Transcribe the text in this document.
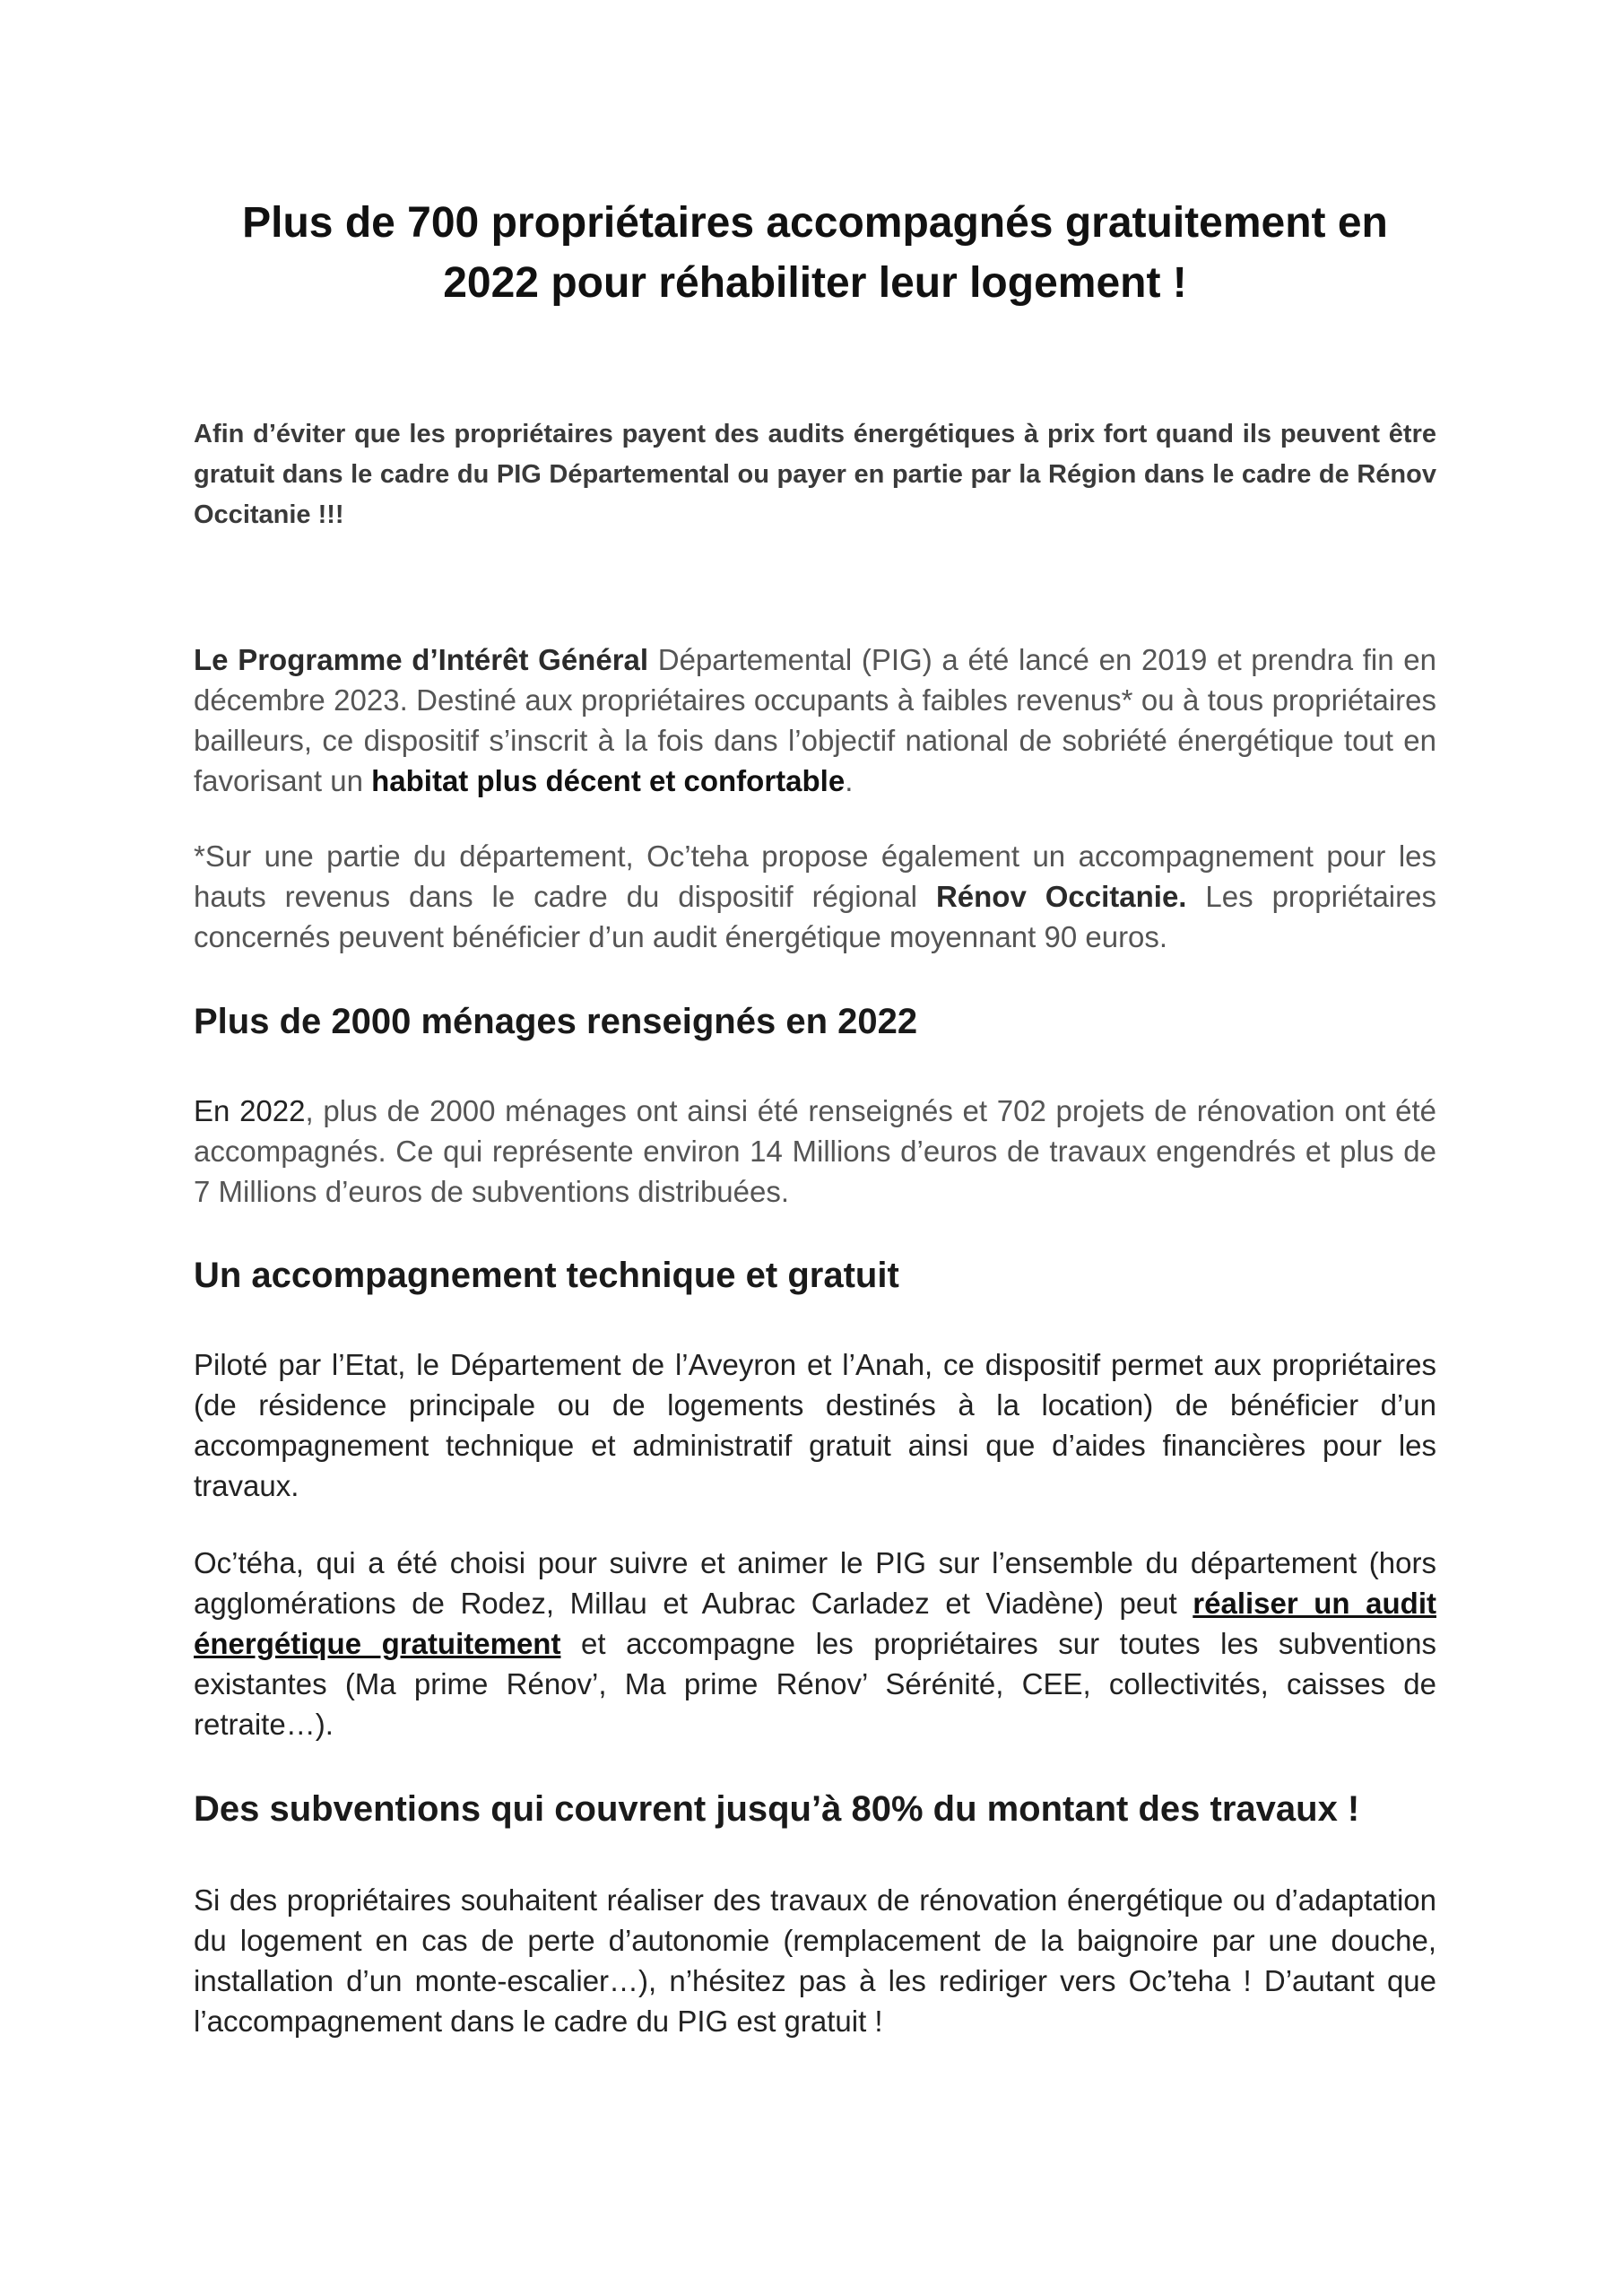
Plus de 700 propriétaires accompagnés gratuitement en 2022 pour réhabiliter leur logement !
Afin d’éviter que les propriétaires payent des audits énergétiques à prix fort quand ils peuvent être gratuit dans le cadre du PIG Départemental ou payer en partie par la Région dans le cadre de Rénov Occitanie !!!
Le Programme d’Intérêt Général Départemental (PIG) a été lancé en 2019 et prendra fin en décembre 2023. Destiné aux propriétaires occupants à faibles revenus* ou à tous propriétaires bailleurs, ce dispositif s’inscrit à la fois dans l’objectif national de sobriété énergétique tout en favorisant un habitat plus décent et confortable.
*Sur une partie du département, Oc’teha propose également un accompagnement pour les hauts revenus dans le cadre du dispositif régional Rénov Occitanie. Les propriétaires concernés peuvent bénéficier d’un audit énergétique moyennant 90 euros.
Plus de 2000 ménages renseignés en 2022
En 2022, plus de 2000 ménages ont ainsi été renseignés et 702 projets de rénovation ont été accompagnés. Ce qui représente environ 14 Millions d’euros de travaux engendrés et plus de 7 Millions d’euros de subventions distribuées.
Un accompagnement technique et gratuit
Piloté par l’Etat, le Département de l’Aveyron et l’Anah, ce dispositif permet aux propriétaires (de résidence principale ou de logements destinés à la location) de bénéficier d’un accompagnement technique et administratif gratuit ainsi que d’aides financières pour les travaux.
Oc’téha, qui a été choisi pour suivre et animer le PIG sur l’ensemble du département (hors agglomérations de Rodez, Millau et Aubrac Carladez et Viadène) peut réaliser un audit énergétique gratuitement et accompagne les propriétaires sur toutes les subventions existantes (Ma prime Rénov’, Ma prime Rénov’ Sérénité, CEE, collectivités, caisses de retraite…).
Des subventions qui couvrent jusqu’à 80% du montant des travaux !
Si des propriétaires souhaitent réaliser des travaux de rénovation énergétique ou d’adaptation du logement en cas de perte d’autonomie (remplacement de la baignoire par une douche, installation d’un monte-escalier…), n’hésitez pas à les rediriger vers Oc’teha ! D’autant que l’accompagnement dans le cadre du PIG est gratuit !
